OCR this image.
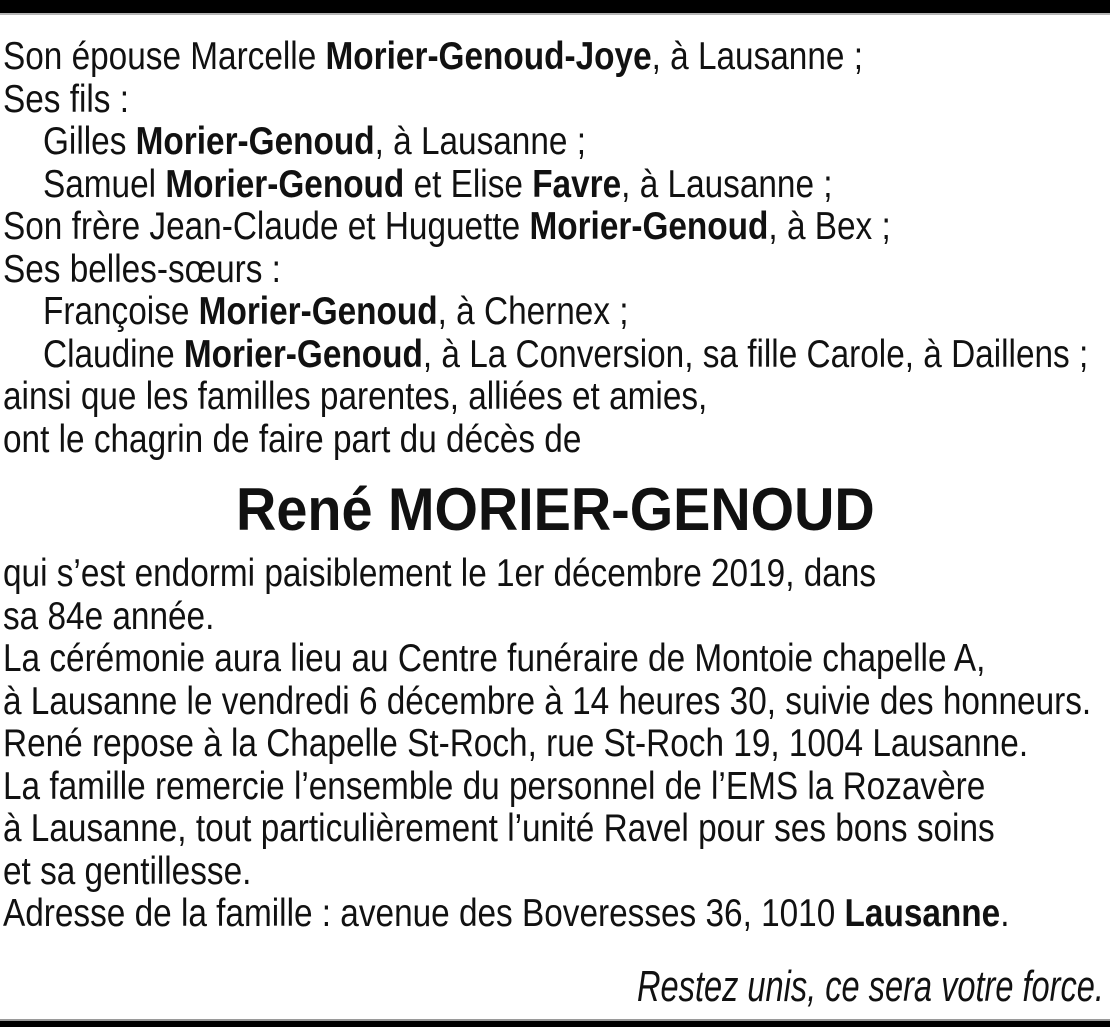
Son épouse Marcelle Morier-Genoud-Joye, à Lausanne ;
Ses fils :
Gilles Morier-Genoud, à Lausanne ;
Samuel Morier-Genoud et Elise Favre, à Lausanne ;
Son frère Jean-Claude et Huguette Morier-Genoud, à Bex ;
Ses belles-sœurs :
Françoise Morier-Genoud, à Chernex ;
Claudine Morier-Genoud, à La Conversion, sa fille Carole, à Daillens ;
ainsi que les familles parentes, alliées et amies,
ont le chagrin de faire part du décès de
René MORIER-GENOUD
qui s’est endormi paisiblement le 1er décembre 2019, dans
sa 84e année.
La cérémonie aura lieu au Centre funéraire de Montoie chapelle A,
à Lausanne le vendredi 6 décembre à 14 heures 30, suivie des honneurs.
René repose à la Chapelle St-Roch, rue St-Roch 19, 1004 Lausanne.
La famille remercie l’ensemble du personnel de l’EMS la Rozavère
à Lausanne, tout particulièrement l’unité Ravel pour ses bons soins
et sa gentillesse.
Adresse de la famille : avenue des Boveresses 36, 1010 Lausanne.
Restez unis, ce sera votre force.
